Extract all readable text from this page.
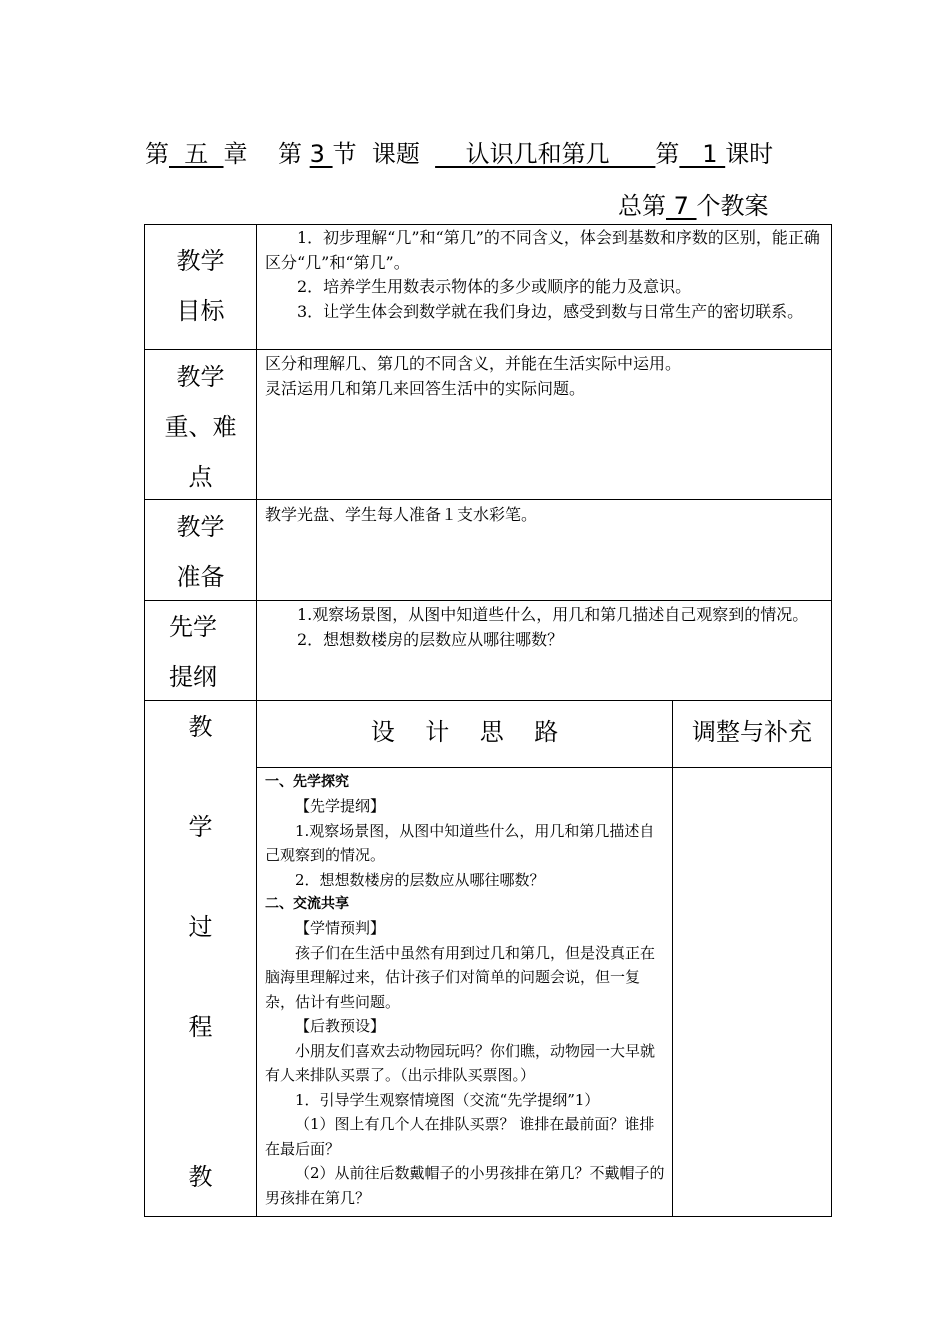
第  五  章    第 3 节  课题      认识几和第几      第   1 课时
总第 7 个教案
教学
目标

1．初步理解“几”和“第几”的不同含义，体会到基数和序数的区别，能正确区分“几”和“第几”。

2．培养学生用数表示物体的多少或顺序的能力及意识。

3．让学生体会到数学就在我们身边，感受到数与日常生产的密切联系。

教学
重、难
点

区分和理解几、第几的不同含义，并能在生活实际中运用。

灵活运用几和第几来回答生活中的实际问题。

教学
准备

教学光盘、学生每人准备１支水彩笔。

先学
提纲

1.观察场景图，从图中知道些什么，用几和第几描述自己观察到的情况。

2．想想数楼房的层数应从哪往哪数？

教
学
过
程
教
设    计    思    路	调整与补充

一、先学探究

【先学提纲】

1.观察场景图，从图中知道些什么，用几和第几描述自己观察到的情况。

2．想想数楼房的层数应从哪往哪数？

二、交流共享

【学情预判】

孩子们在生活中虽然有用到过几和第几，但是没真正在脑海里理解过来，估计孩子们对简单的问题会说，但一复杂，估计有些问题。

【后教预设】

小朋友们喜欢去动物园玩吗？你们瞧，动物园一大早就有人来排队买票了。（出示排队买票图。）

1．引导学生观察情境图（交流“先学提纲”1）

（1）图上有几个人在排队买票？ 谁排在最前面？谁排在最后面？

（2）从前往后数戴帽子的小男孩排在第几？不戴帽子的男孩排在第几？
